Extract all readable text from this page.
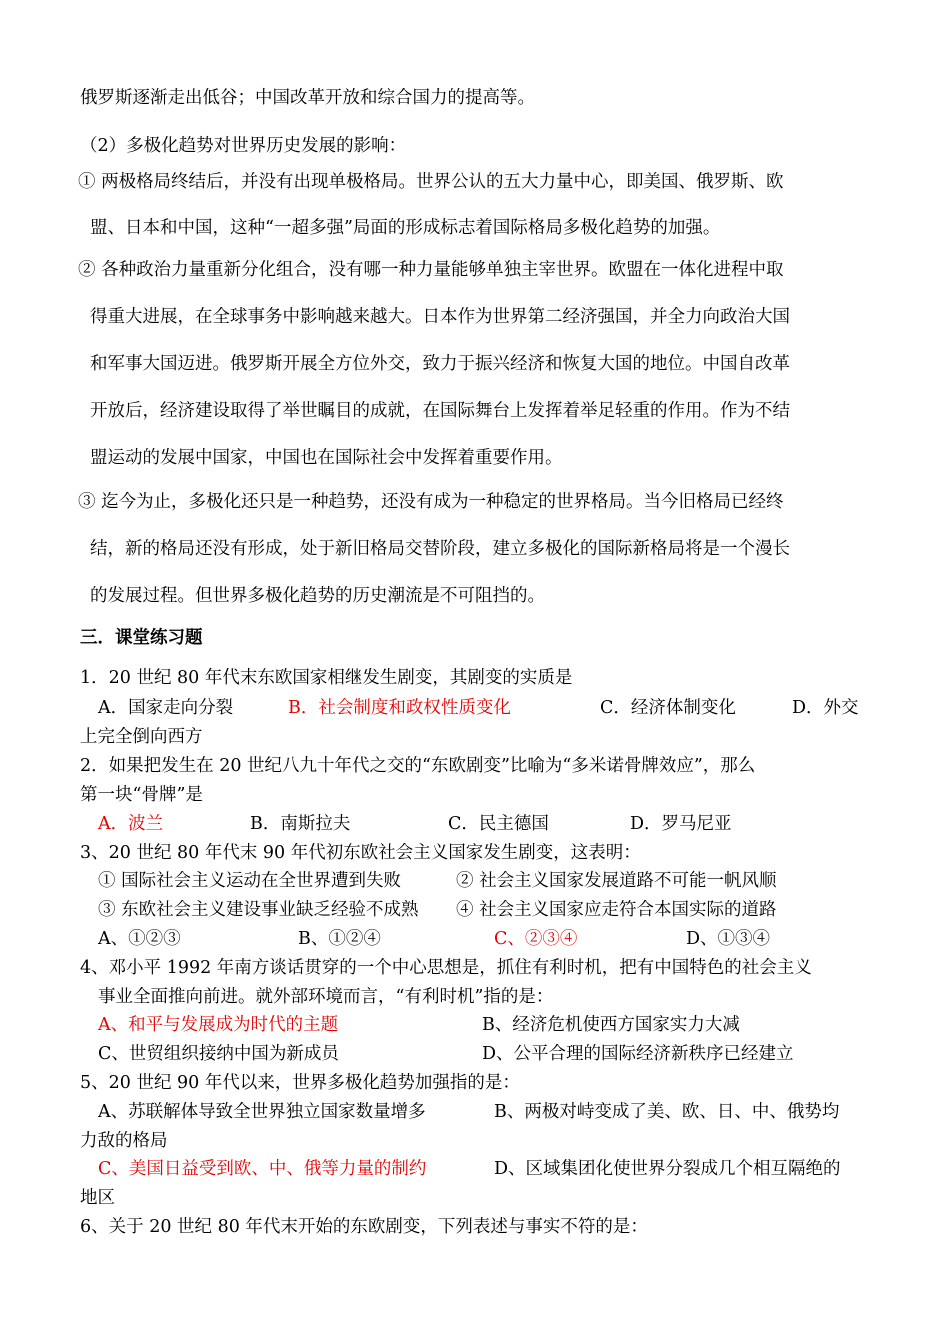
俄罗斯逐渐走出低谷；中国改革开放和综合国力的提高等。
（2）多极化趋势对世界历史发展的影响：
① 两极格局终结后，并没有出现单极格局。世界公认的五大力量中心，即美国、俄罗斯、欧
盟、日本和中国，这种“一超多强”局面的形成标志着国际格局多极化趋势的加强。
② 各种政治力量重新分化组合，没有哪一种力量能够单独主宰世界。欧盟在一体化进程中取
得重大进展，在全球事务中影响越来越大。日本作为世界第二经济强国，并全力向政治大国
和军事大国迈进。俄罗斯开展全方位外交，致力于振兴经济和恢复大国的地位。中国自改革
开放后，经济建设取得了举世瞩目的成就，在国际舞台上发挥着举足轻重的作用。作为不结
盟运动的发展中国家，中国也在国际社会中发挥着重要作用。
③ 迄今为止，多极化还只是一种趋势，还没有成为一种稳定的世界格局。当今旧格局已经终
结，新的格局还没有形成，处于新旧格局交替阶段，建立多极化的国际新格局将是一个漫长
的发展过程。但世界多极化趋势的历史潮流是不可阻挡的。
三．课堂练习题
1．20 世纪 80 年代末东欧国家相继发生剧变，其剧变的实质是
A．国家走向分裂	B．社会制度和政权性质变化	C．经济体制变化	D．外交
上完全倒向西方
2．如果把发生在 20 世纪八九十年代之交的“东欧剧变”比喻为“多米诺骨牌效应”，那么
第一块“骨牌”是
A．波兰	B．南斯拉夫	C．民主德国	D．罗马尼亚
3、20 世纪 80 年代末 90 年代初东欧社会主义国家发生剧变，这表明：
① 国际社会主义运动在全世界遭到失败	② 社会主义国家发展道路不可能一帆风顺
③ 东欧社会主义建设事业缺乏经验不成熟 ④ 社会主义国家应走符合本国实际的道路
A、①②③	B、①②④	C、②③④	D、①③④
4、邓小平 1992 年南方谈话贯穿的一个中心思想是，抓住有利时机，把有中国特色的社会主义
事业全面推向前进。就外部环境而言，“有利时机”指的是：
A、和平与发展成为时代的主题	B、经济危机使西方国家实力大减
C、世贸组织接纳中国为新成员	D、公平合理的国际经济新秩序已经建立
5、20 世纪 90 年代以来，世界多极化趋势加强指的是：
A、苏联解体导致全世界独立国家数量增多	B、两极对峙变成了美、欧、日、中、俄势均
力敌的格局
C、美国日益受到欧、中、俄等力量的制约	D、区域集团化使世界分裂成几个相互隔绝的
地区
6、关于 20 世纪 80 年代末开始的东欧剧变，下列表述与事实不符的是：
